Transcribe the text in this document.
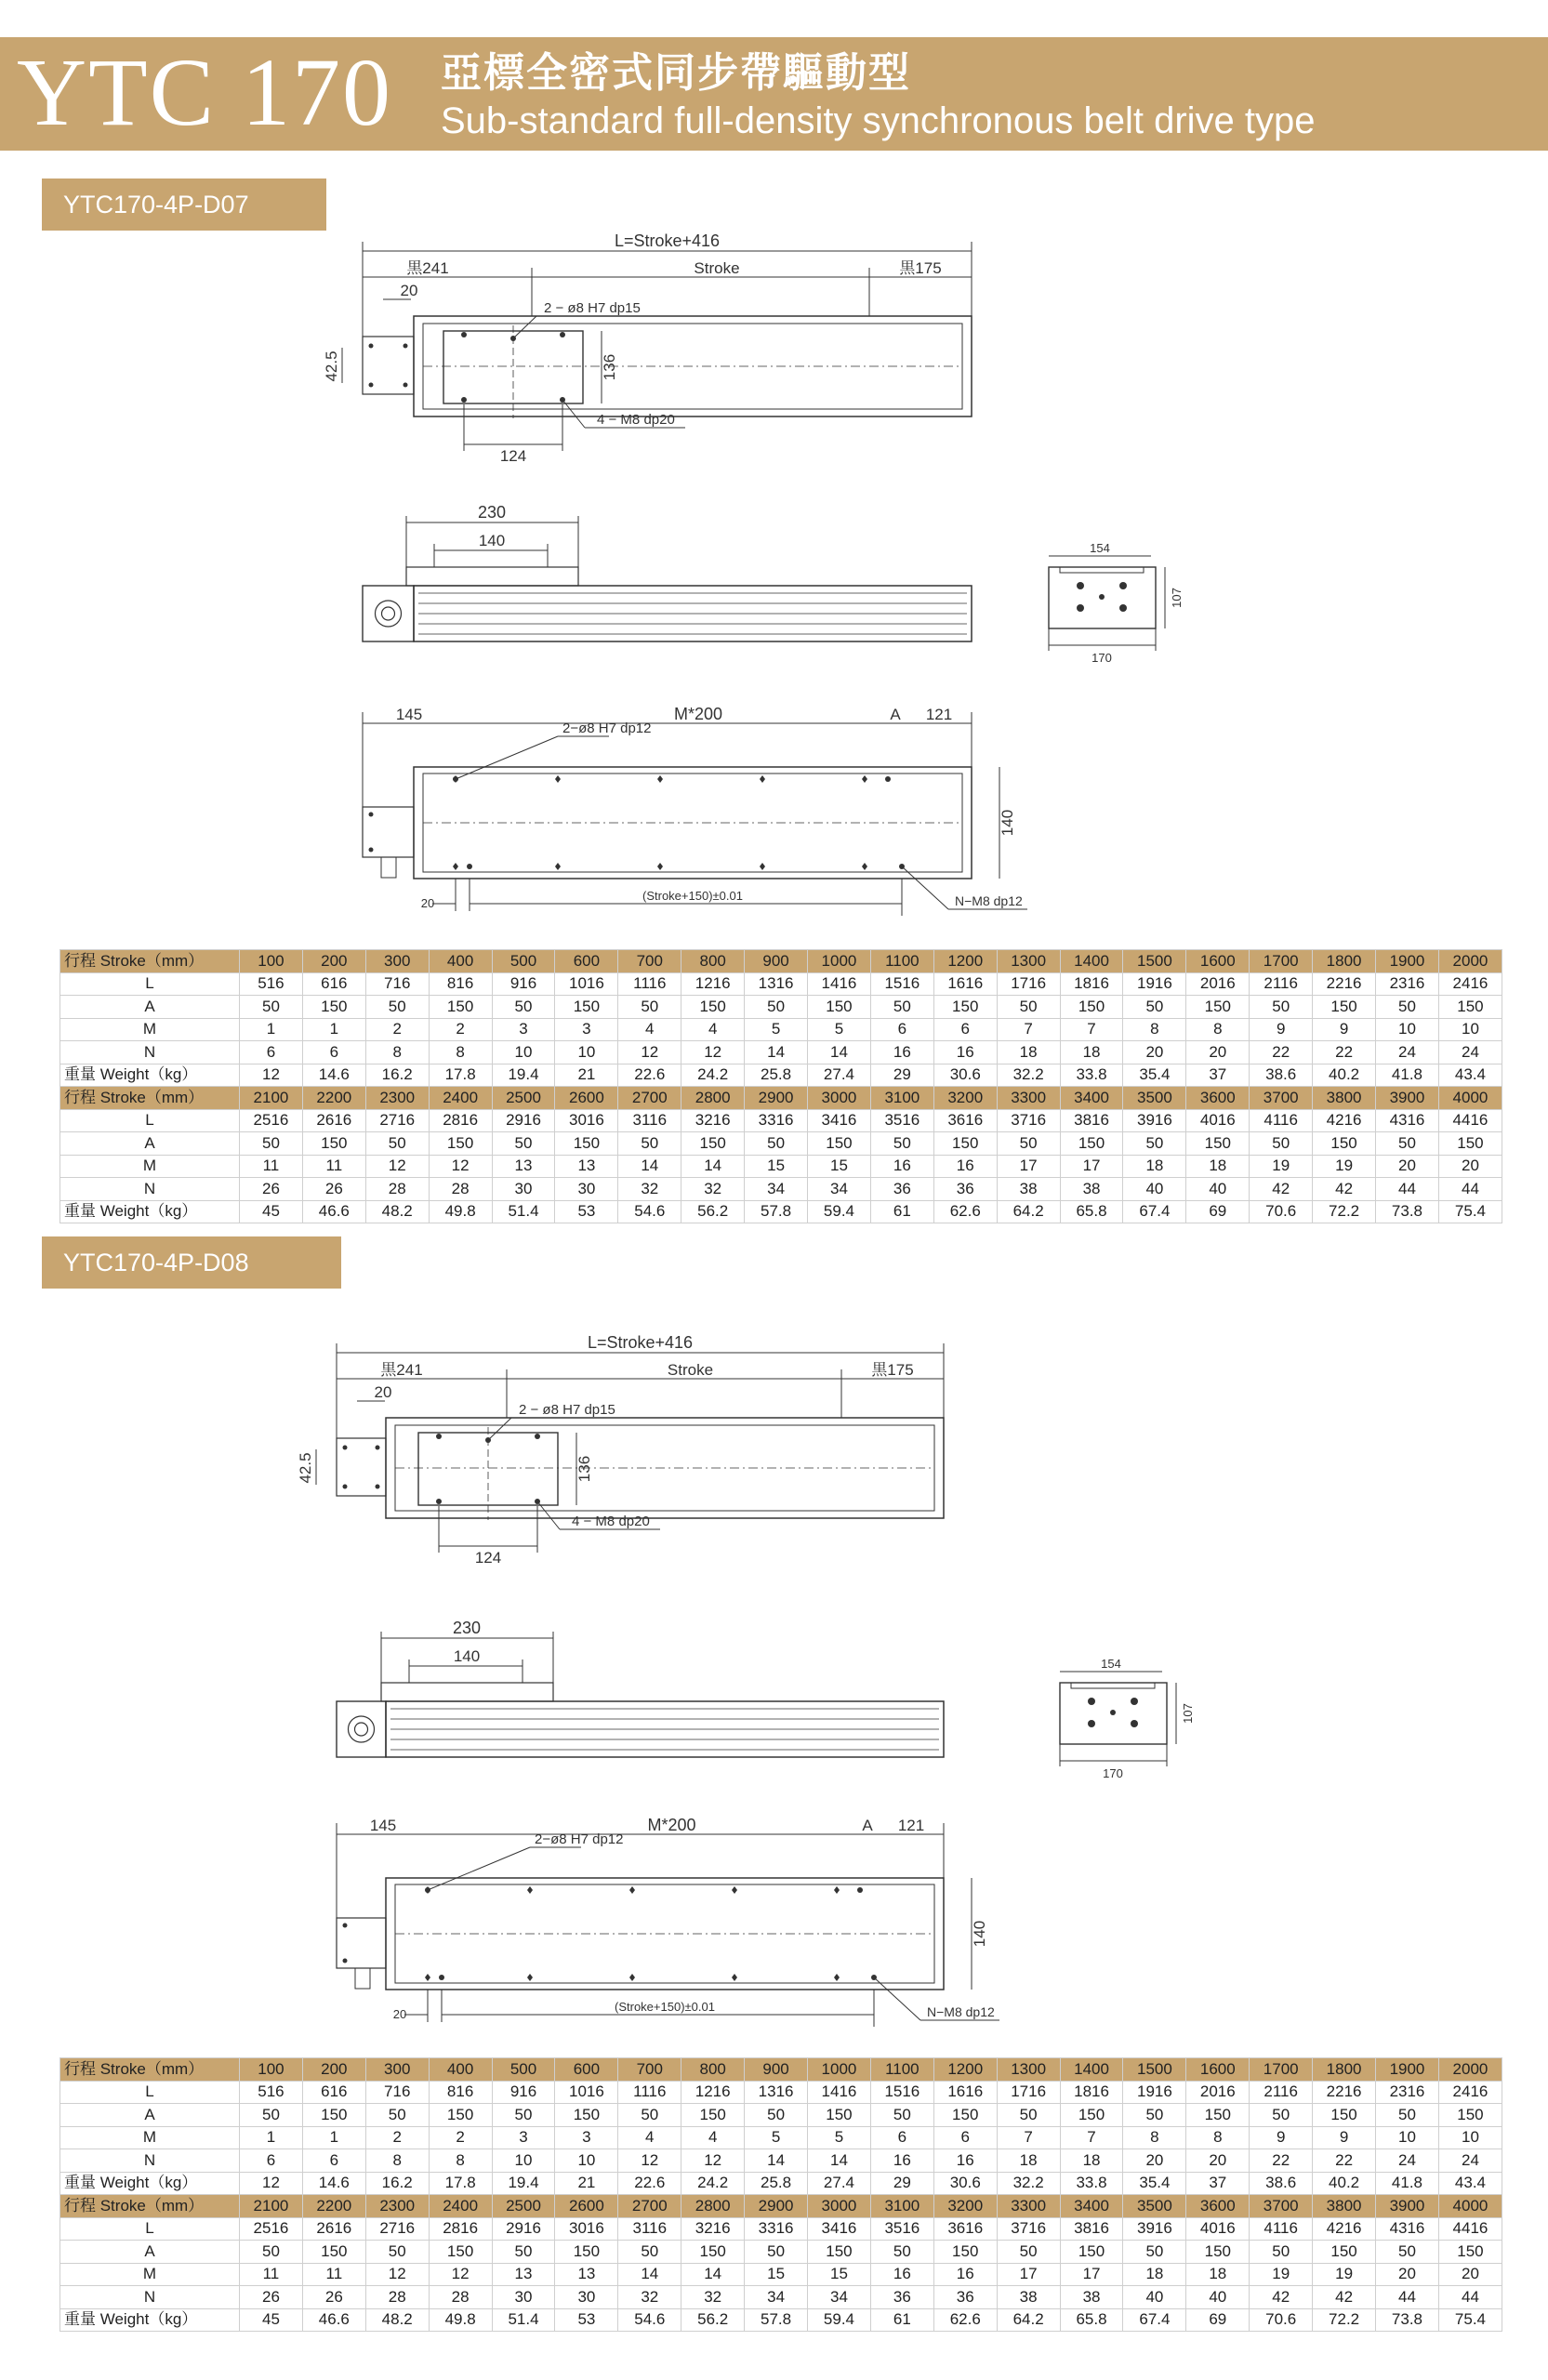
YTC 170 亞標全密式同步帶驅動型
Sub-standard full-density synchronous belt drive type
YTC170-4P-D07
L=Stroke+416
黒241	Stroke	黒175
20
42.5
2 − ø8 H7 dp15
136
124
4 − M8 dp20
230
140	154
107
170
145	M*200	A 121
2−ø8 H7 dp12
140
20
(Stroke+150)±0.01	N−M8 dp12
行程 Stroke（mm）	100	200	300	400	500	600	700	800	900	1000	1100	1200	1300	1400	1500	1600	1700	1800	1900	2000
L	516	616	716	816	916	1016	1116	1216	1316	1416	1516	1616	1716	1816	1916	2016	2116	2216	2316	2416
A	50	150	50	150	50	150	50	150	50	150	50	150	50	150	50	150	50	150	50	150
M	1	1	2	2	3	3	4	4	5	5	6	6	7	7	8	8	9	9	10	10
N	6	6	8	8	10	10	12	12	14	14	16	16	18	18	20	20	22	22	24	24
重量 Weight（kg）	12	14.6	16.2	17.8	19.4	21	22.6	24.2	25.8	27.4	29	30.6	32.2	33.8	35.4	37	38.6	40.2	41.8	43.4
行程 Stroke（mm）	2100	2200	2300	2400	2500	2600	2700	2800	2900	3000	3100	3200	3300	3400	3500	3600	3700	3800	3900	4000
L	2516	2616	2716	2816	2916	3016	3116	3216	3316	3416	3516	3616	3716	3816	3916	4016	4116	4216	4316	4416
A	50	150	50	150	50	150	50	150	50	150	50	150	50	150	50	150	50	150	50	150
M	11	11	12	12	13	13	14	14	15	15	16	16	17	17	18	18	19	19	20	20
N	26	26	28	28	30	30	32	32	34	34	36	36	38	38	40	40	42	42	44	44
重量 Weight（kg）	45	46.6	48.2	49.8	51.4	53	54.6	56.2	57.8	59.4	61	62.6	64.2	65.8	67.4	69	70.6	72.2	73.8	75.4
YTC170-4P-D08
L=Stroke+416
黒241	Stroke	黒175
20
42.5
2 − ø8 H7 dp15
136
124
4 − M8 dp20
230
140	154
107
170
145	M*200	A 121
2−ø8 H7 dp12
140
20
(Stroke+150)±0.01	N−M8 dp12
行程 Stroke（mm）	100	200	300	400	500	600	700	800	900	1000	1100	1200	1300	1400	1500	1600	1700	1800	1900	2000
L	516	616	716	816	916	1016	1116	1216	1316	1416	1516	1616	1716	1816	1916	2016	2116	2216	2316	2416
A	50	150	50	150	50	150	50	150	50	150	50	150	50	150	50	150	50	150	50	150
M	1	1	2	2	3	3	4	4	5	5	6	6	7	7	8	8	9	9	10	10
N	6	6	8	8	10	10	12	12	14	14	16	16	18	18	20	20	22	22	24	24
重量 Weight（kg）	12	14.6	16.2	17.8	19.4	21	22.6	24.2	25.8	27.4	29	30.6	32.2	33.8	35.4	37	38.6	40.2	41.8	43.4
行程 Stroke（mm）	2100	2200	2300	2400	2500	2600	2700	2800	2900	3000	3100	3200	3300	3400	3500	3600	3700	3800	3900	4000
L	2516	2616	2716	2816	2916	3016	3116	3216	3316	3416	3516	3616	3716	3816	3916	4016	4116	4216	4316	4416
A	50	150	50	150	50	150	50	150	50	150	50	150	50	150	50	150	50	150	50	150
M	11	11	12	12	13	13	14	14	15	15	16	16	17	17	18	18	19	19	20	20
N	26	26	28	28	30	30	32	32	34	34	36	36	38	38	40	40	42	42	44	44
重量 Weight（kg）	45	46.6	48.2	49.8	51.4	53	54.6	56.2	57.8	59.4	61	62.6	64.2	65.8	67.4	69	70.6	72.2	73.8	75.4
